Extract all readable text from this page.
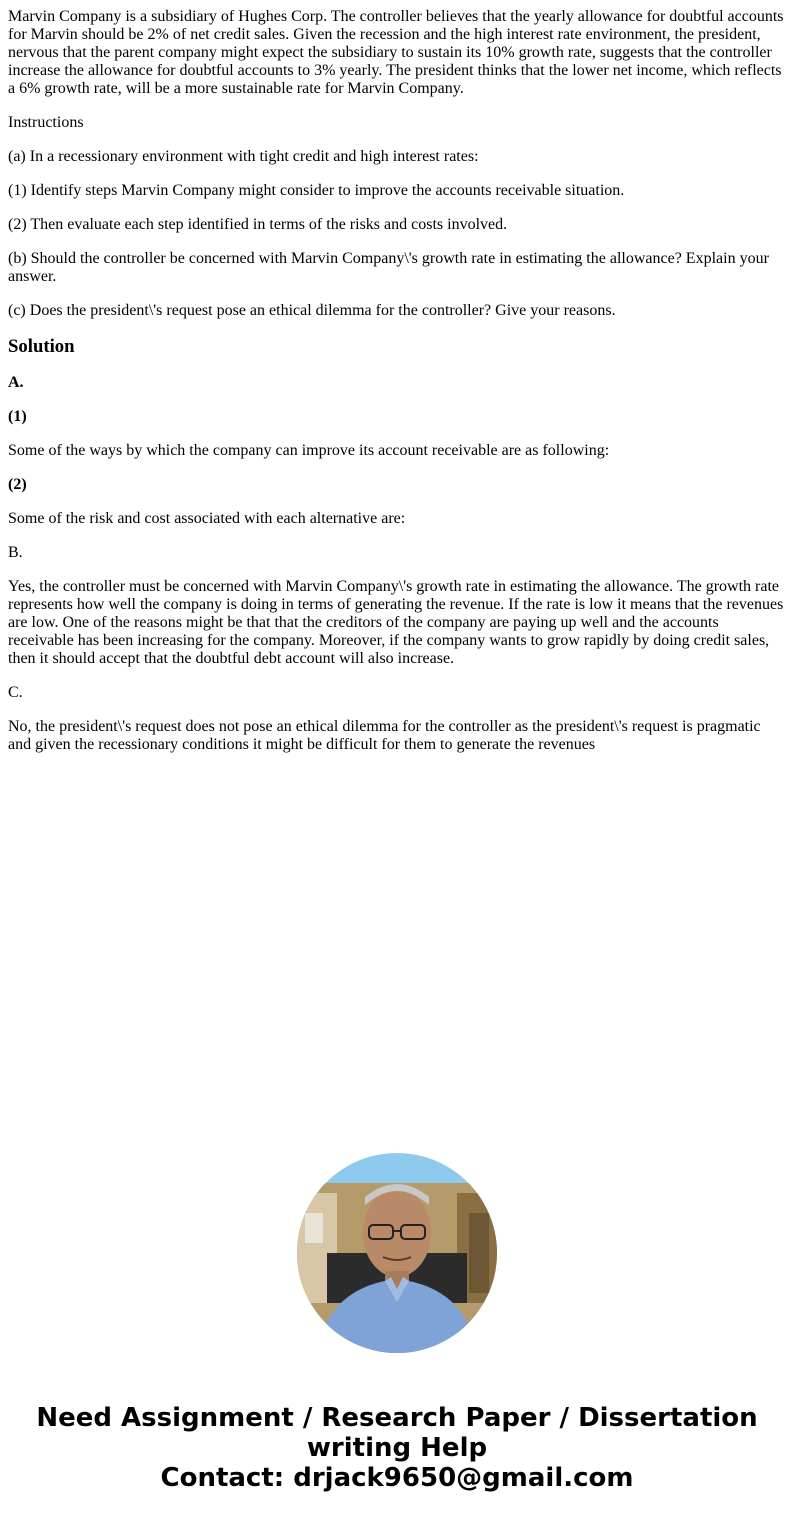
Marvin Company is a subsidiary of Hughes Corp. The controller believes that the yearly allowance for doubtful accounts for Marvin should be 2% of net credit sales. Given the recession and the high interest rate environment, the president, nervous that the parent company might expect the subsidiary to sustain its 10% growth rate, suggests that the controller increase the allowance for doubtful accounts to 3% yearly. The president thinks that the lower net income, which reflects a 6% growth rate, will be a more sustainable rate for Marvin Company.

Instructions

(a) In a recessionary environment with tight credit and high interest rates:

(1) Identify steps Marvin Company might consider to improve the accounts receivable situation.

(2) Then evaluate each step identified in terms of the risks and costs involved.

(b) Should the controller be concerned with Marvin Company\'s growth rate in estimating the allowance? Explain your answer.

(c) Does the president\'s request pose an ethical dilemma for the controller? Give your reasons.

Solution

A.

(1)

Some of the ways by which the company can improve its account receivable are as following:

(2)

Some of the risk and cost associated with each alternative are:

B.

Yes, the controller must be concerned with Marvin Company\'s growth rate in estimating the allowance. The growth rate represents how well the company is doing in terms of generating the revenue. If the rate is low it means that the revenues are low. One of the reasons might be that that the creditors of the company are paying up well and the accounts receivable has been increasing for the company. Moreover, if the company wants to grow rapidly by doing credit sales, then it should accept that the doubtful debt account will also increase.

C.

No, the president\'s request does not pose an ethical dilemma for the controller as the president\'s request is pragmatic and given the recessionary conditions it might be difficult for them to generate the revenues

Need Assignment / Research Paper / Dissertation
writing Help
Contact: drjack9650@gmail.com
